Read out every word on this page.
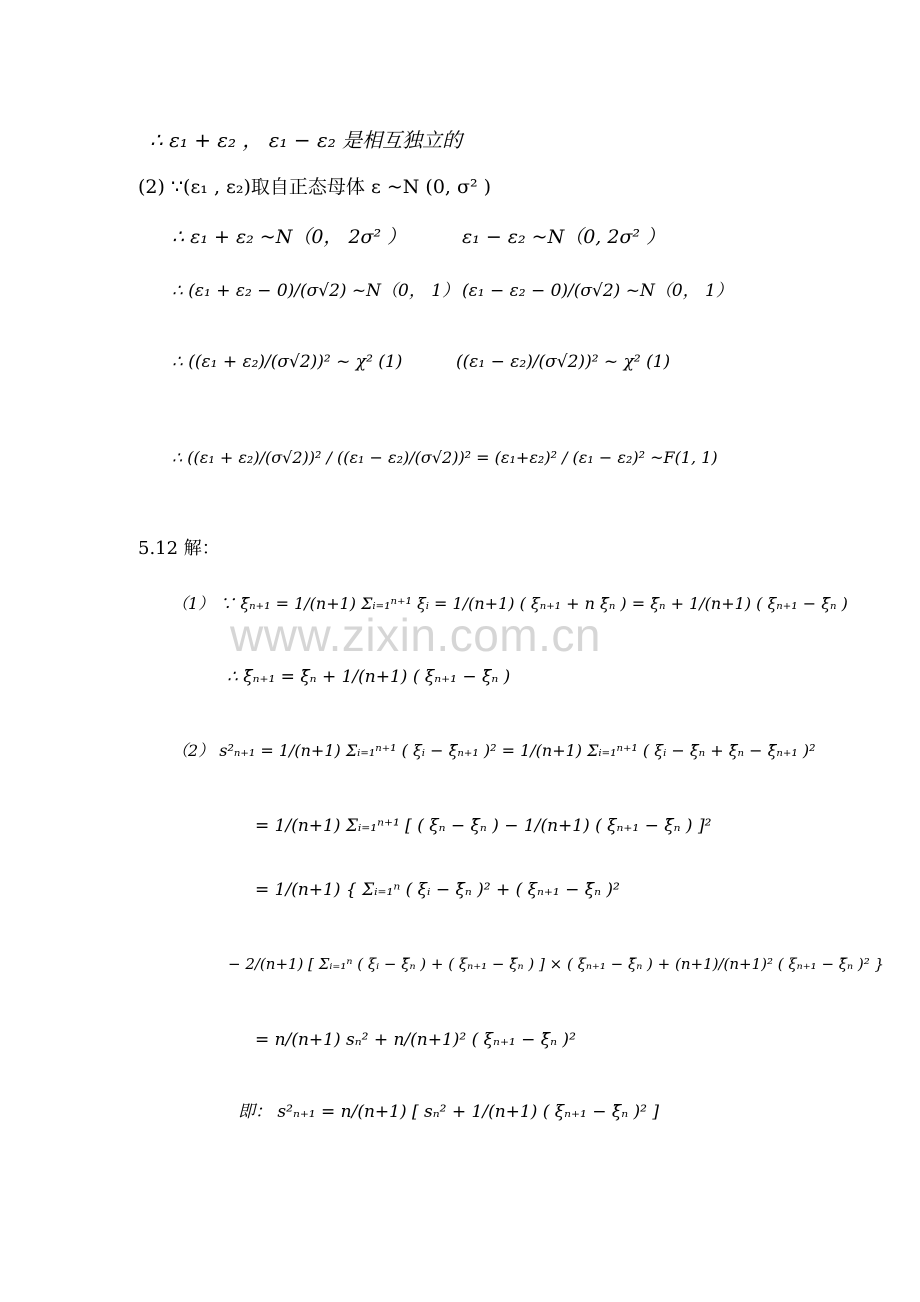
∴ ε₁ + ε₂ ， ε₁ − ε₂ 是相互独立的
(2) ∵(ε₁ , ε₂)取自正态母体 ε ~N (0, σ² )
∴ ε₁ + ε₂ ~N（0， 2σ² ）	ε₁ − ε₂ ~N（0, 2σ² ）
∴ (ε₁ + ε₂ − 0)/(σ√2) ~N（0， 1） (ε₁ − ε₂ − 0)/(σ√2) ~N（0， 1）
∴ ((ε₁ + ε₂)/(σ√2))² ~ χ² (1)	((ε₁ − ε₂)/(σ√2))² ~ χ² (1)
∴ ((ε₁ + ε₂)/(σ√2))² / ((ε₁ − ε₂)/(σ√2))² = (ε₁+ε₂)² / (ε₁ − ε₂)² ~F(1, 1)
5.12 解：
（1） ∵ ξ̄ₙ₊₁ = 1/(n+1) Σᵢ₌₁ⁿ⁺¹ ξᵢ = 1/(n+1) ( ξₙ₊₁ + n ξ̄ₙ ) = ξ̄ₙ + 1/(n+1) ( ξₙ₊₁ − ξ̄ₙ )
∴ ξ̄ₙ₊₁ = ξ̄ₙ + 1/(n+1) ( ξₙ₊₁ − ξ̄ₙ )
（2） s²ₙ₊₁ = 1/(n+1) Σᵢ₌₁ⁿ⁺¹ ( ξᵢ − ξ̄ₙ₊₁ )² = 1/(n+1) Σᵢ₌₁ⁿ⁺¹ ( ξᵢ − ξ̄ₙ + ξ̄ₙ − ξ̄ₙ₊₁ )²
= 1/(n+1) Σᵢ₌₁ⁿ⁺¹ [ ( ξₙ − ξ̄ₙ ) − 1/(n+1) ( ξₙ₊₁ − ξ̄ₙ ) ]²
= 1/(n+1) { Σᵢ₌₁ⁿ ( ξᵢ − ξ̄ₙ )² + ( ξₙ₊₁ − ξ̄ₙ )²
− 2/(n+1) [ Σᵢ₌₁ⁿ ( ξᵢ − ξ̄ₙ ) + ( ξₙ₊₁ − ξ̄ₙ ) ] × ( ξₙ₊₁ − ξ̄ₙ ) + (n+1)/(n+1)² ( ξₙ₊₁ − ξ̄ₙ )² }
= n/(n+1) sₙ² + n/(n+1)² ( ξₙ₊₁ − ξ̄ₙ )²
即： s²ₙ₊₁ = n/(n+1) [ sₙ² + 1/(n+1) ( ξₙ₊₁ − ξ̄ₙ )² ]
www.zixin.com.cn
